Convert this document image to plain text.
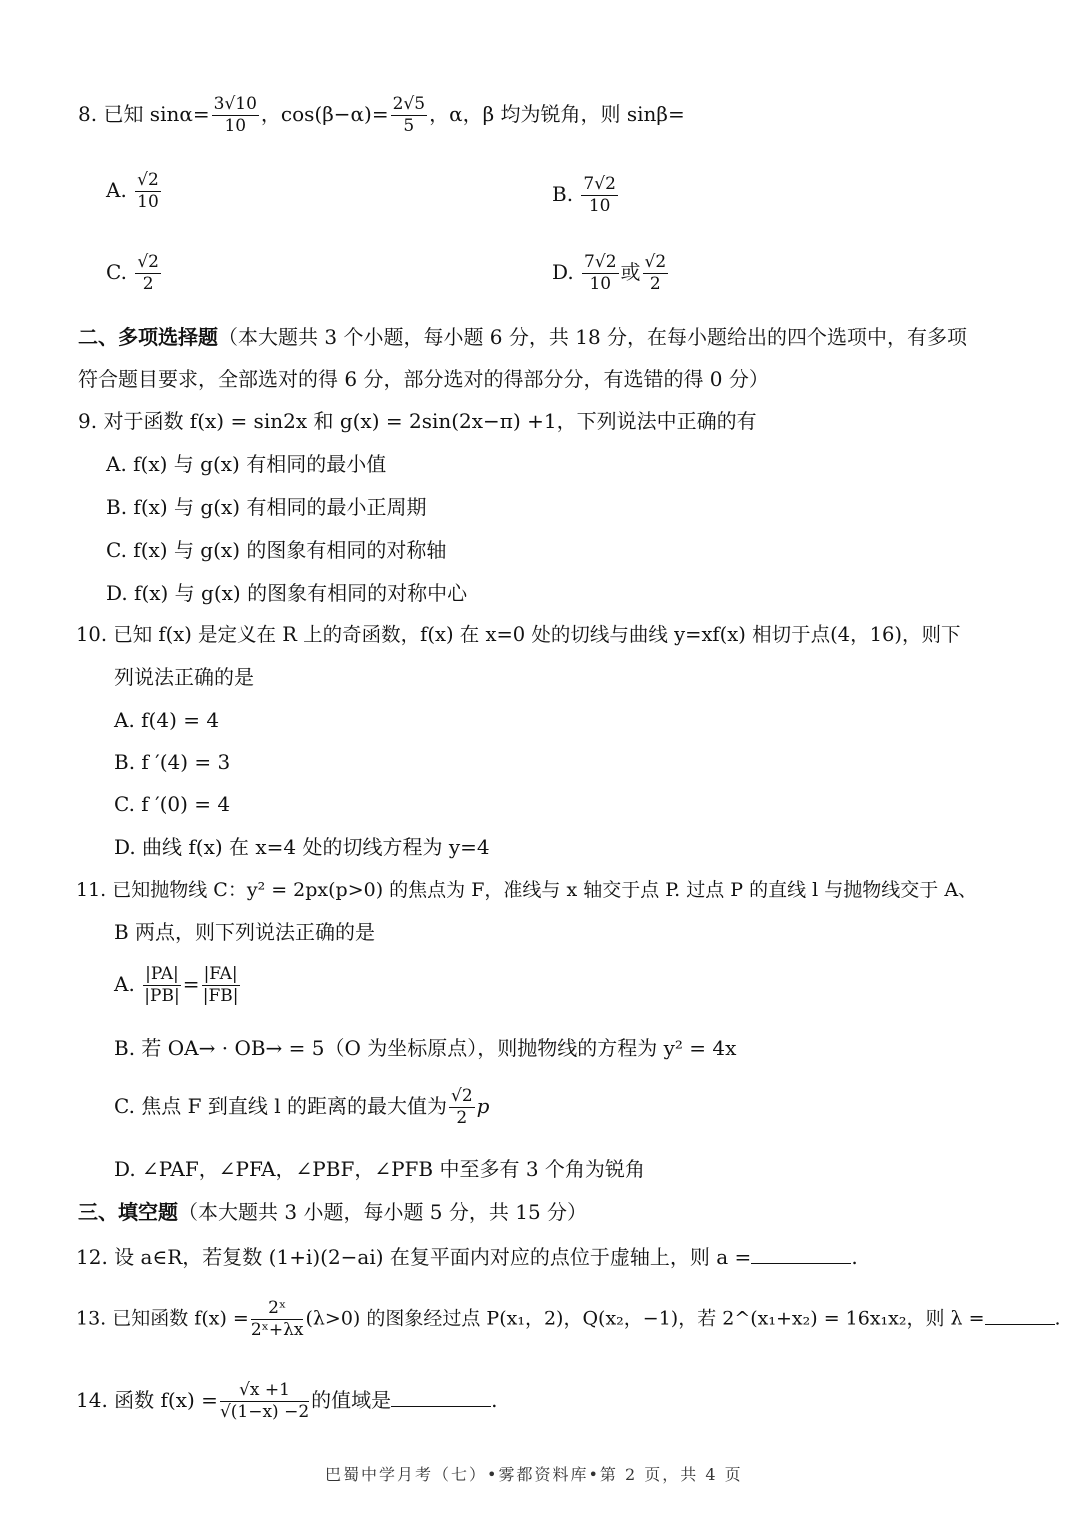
8. 已知 $\sin\alpha= \frac{3√10}{10}$ ，$\cos(\beta-\alpha)= \frac{2√5}{5}$ ，α，β 均为锐角，则 sinβ=
A. $\frac{√2}{10}$	B. $\frac{7√2}{10}$
C. $\frac{√2}{2}$	D. $\frac{7√2}{10}$ 或 $\frac{√2}{2}$
二、多项选择题（本大题共 3 个小题，每小题 6 分，共 18 分，在每小题给出的四个选项中，有多项
符合题目要求，全部选对的得 6 分，部分选对的得部分分，有选错的得 0 分）
9. 对于函数 f(x) = sin2x 和 g(x) = 2sin(2x−π) +1，下列说法中正确的有
A. f(x) 与 g(x) 有相同的最小值
B. f(x) 与 g(x) 有相同的最小正周期
C. f(x) 与 g(x) 的图象有相同的对称轴
D. f(x) 与 g(x) 的图象有相同的对称中心
10. 已知 f(x) 是定义在 R 上的奇函数，f(x) 在 x=0 处的切线与曲线 y=xf(x) 相切于点(4，16)，则下
列说法正确的是
A. f(4) = 4
B. f ′(4) = 3
C. f ′(0) = 4
D. 曲线 f(x) 在 x=4 处的切线方程为 y=4
11. 已知抛物线 C：y² = 2px(p>0) 的焦点为 F，准线与 x 轴交于点 P. 过点 P 的直线 l 与抛物线交于 A、
B 两点，则下列说法正确的是
A. $\frac{|PA|}{|PB|} = \frac{|FA|}{|FB|}$
B. 若 OA→ · OB→ = 5（O 为坐标原点），则抛物线的方程为 y² = 4x
C. 焦点 F 到直线 l 的距离的最大值为 $\frac{√2}{2}$ p
D. ∠PAF，∠PFA，∠PBF，∠PFB 中至多有 3 个角为锐角
三、填空题（本大题共 3 小题，每小题 5 分，共 15 分）
12. 设 a∈R，若复数 (1+i)(2−ai) 在复平面内对应的点位于虚轴上，则 a =	.
13. 已知函数 $f(x) = \frac{\text{2ˣ}}{\text{2ˣ+λx}} (\lambda>0)$ 的图象经过点 P(x₁，2)，Q(x₂，−1)，若 2^(x₁+x₂) = 16x₁x₂，则 λ =	.
14. 函数 $f(x) = \frac{√x +1}{√(1-x) -2}$ 的值域是	.
巴蜀中学月考（七）•雾都资料库•第 2 页，共 4 页
